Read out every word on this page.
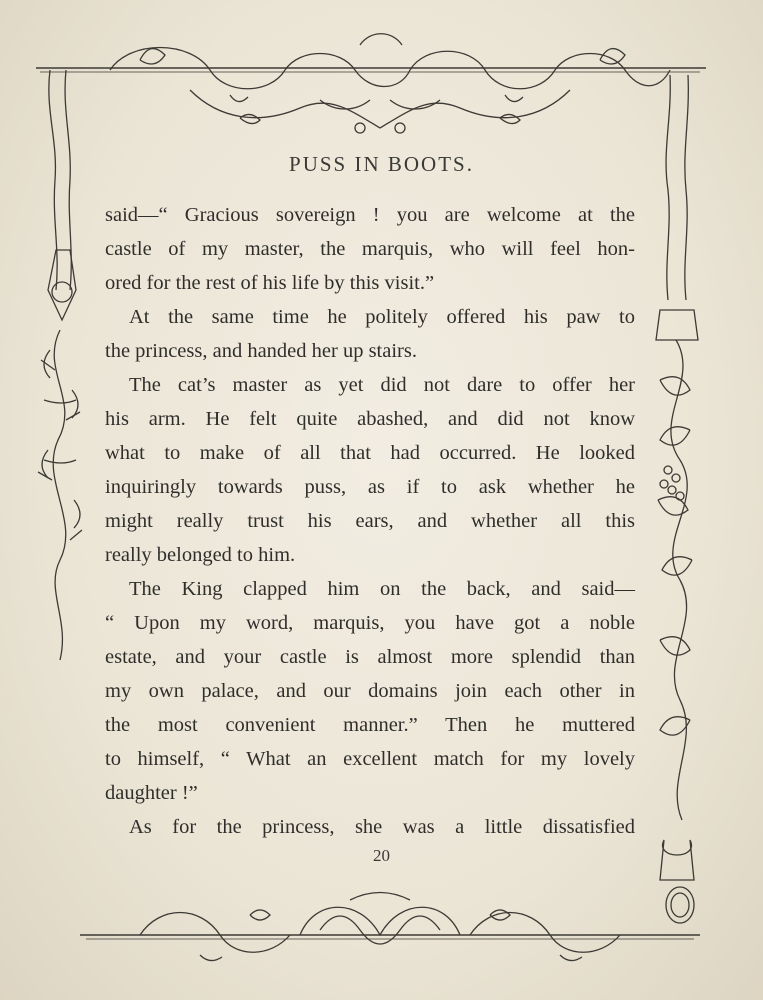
PUSS IN BOOTS.
said—“ Gracious sovereign ! you are welcome at the
castle of my master, the marquis, who will feel hon-
ored for the rest of his life by this visit.”
At the same time he politely offered his paw to
the princess, and handed her up stairs.
The cat’s master as yet did not dare to offer her
his arm. He felt quite abashed, and did not know
what to make of all that had occurred. He looked
inquiringly towards puss, as if to ask whether he
might really trust his ears, and whether all this
really belonged to him.
The King clapped him on the back, and said—
“ Upon my word, marquis, you have got a noble
estate, and your castle is almost more splendid than
my own palace, and our domains join each other in
the most convenient manner.” Then he muttered
to himself, “ What an excellent match for my lovely
daughter !”
As for the princess, she was a little dissatisfied
20
